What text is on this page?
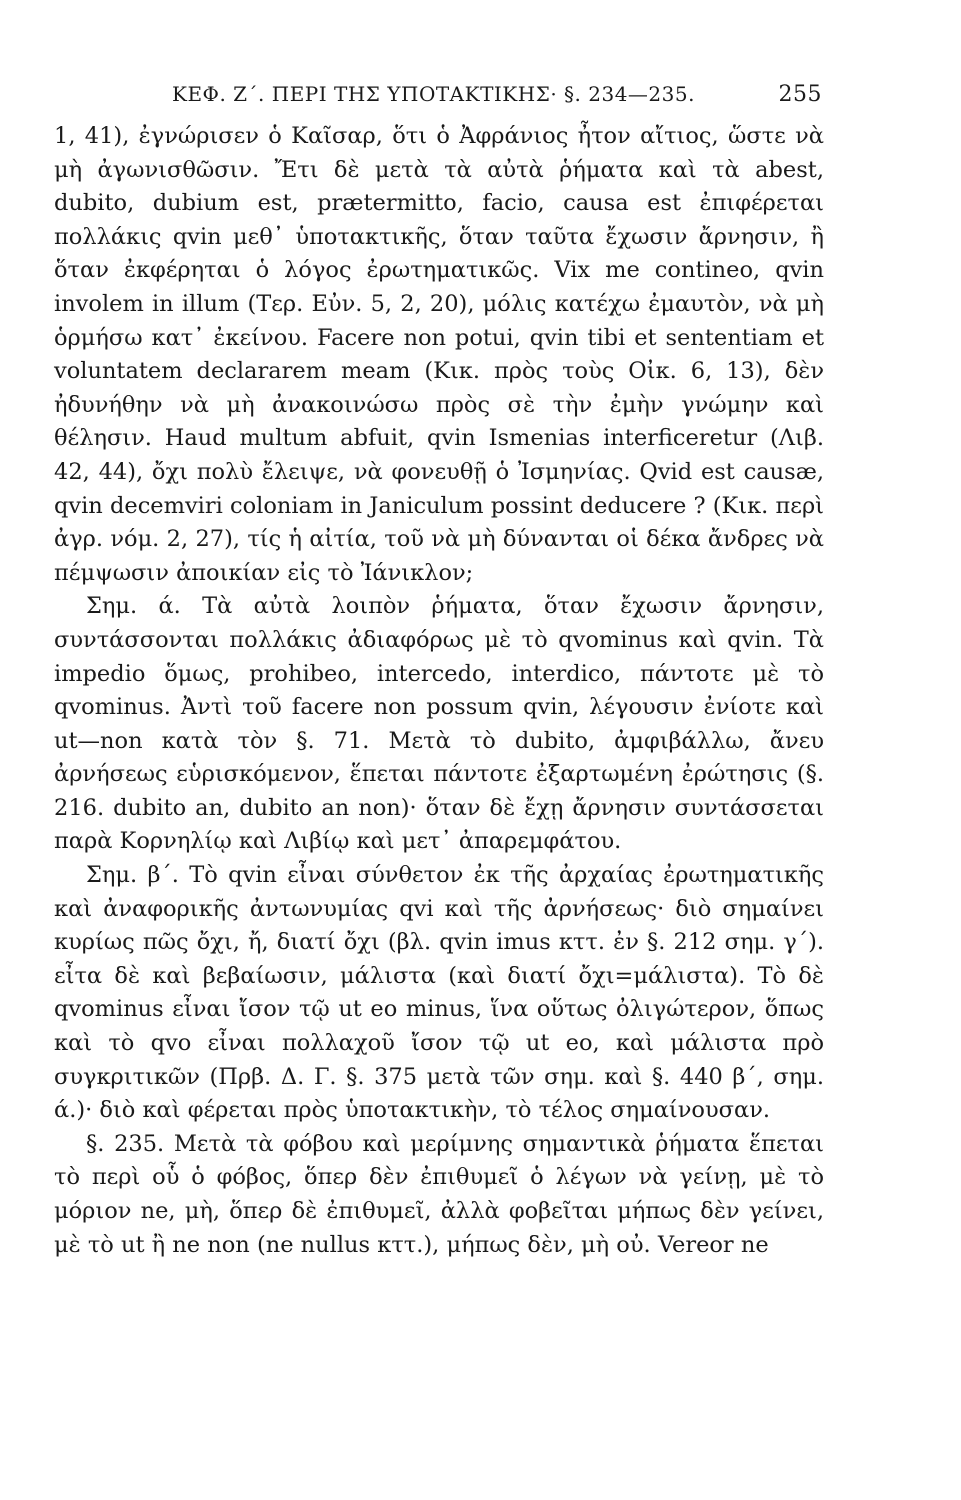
ΚΕΦ. Ζ΄. ΠΕΡΙ ΤΗΣ ΥΠΟΤΑΚΤΙΚΗΣ· §. 234—235.	255

1, 41), ἐγνώρισεν ὁ Καῖσαρ, ὅτι ὁ Ἀφράνιος ἦτον αἴτιος, ὥστε νὰ μὴ ἀγωνισθῶσιν. Ἔτι δὲ μετὰ τὰ αὐτὰ ῥήματα καὶ τὰ abest, dubito, dubium est, prætermitto, facio, causa est ἐπιφέρεται πολλάκις qvin μεθ᾽ ὑποτακτικῆς, ὅταν ταῦτα ἔχωσιν ἄρνησιν, ἢ ὅταν ἐκφέρηται ὁ λόγος ἐρωτηματικῶς. Vix me contineo, qvin involem in illum (Τερ. Εὐν. 5, 2, 20), μόλις κατέχω ἐμαυτὸν, νὰ μὴ ὁρμήσω κατ᾽ ἐκείνου. Facere non potui, qvin tibi et sententiam et voluntatem declararem meam (Κικ. πρὸς τοὺς Οἰκ. 6, 13), δὲν ἠδυνήθην νὰ μὴ ἀνακοινώσω πρὸς σὲ τὴν ἐμὴν γνώμην καὶ θέλησιν. Haud multum abfuit, qvin Ismenias interficeretur (Λιβ. 42, 44), ὄχι πολὺ ἔλειψε, νὰ φονευθῇ ὁ Ἰσμηνίας. Qvid est causæ, qvin decemviri coloniam in Janiculum possint deducere ? (Κικ. περὶ ἀγρ. νόμ. 2, 27), τίς ἡ αἰτία, τοῦ νὰ μὴ δύνανται οἱ δέκα ἄνδρες νὰ πέμψωσιν ἀποικίαν εἰς τὸ Ἰάνικλον;

Σημ. ά. Τὰ αὐτὰ λοιπὸν ῥήματα, ὅταν ἔχωσιν ἄρνησιν, συντάσσονται πολλάκις ἀδιαφόρως μὲ τὸ qvominus καὶ qvin. Τὰ impedio ὅμως, prohibeo, intercedo, interdico, πάντοτε μὲ τὸ qvominus. Ἀντὶ τοῦ facere non possum qvin, λέγουσιν ἐνίοτε καὶ ut—non κατὰ τὸν §. 71. Μετὰ τὸ dubito, ἀμφιβάλλω, ἄνευ ἀρνήσεως εὑρισκόμενον, ἕπεται πάντοτε ἐξαρτωμένη ἐρώτησις (§. 216. dubito an, dubito an non)· ὅταν δὲ ἔχῃ ἄρνησιν συντάσσεται παρὰ Κορνηλίῳ καὶ Λιβίῳ καὶ μετ᾽ ἀπαρεμφάτου.

Σημ. β΄. Τὸ qvin εἶναι σύνθετον ἐκ τῆς ἀρχαίας ἐρωτηματικῆς καὶ ἀναφορικῆς ἀντωνυμίας qvi καὶ τῆς ἀρνήσεως· διὸ σημαίνει κυρίως πῶς ὄχι, ἤ, διατί ὄχι (βλ. qvin imus κττ. ἐν §. 212 σημ. γ΄). εἶτα δὲ καὶ βεβαίωσιν, μάλιστα (καὶ διατί ὄχι=μάλιστα). Τὸ δὲ qvominus εἶναι ἴσον τῷ ut eo minus, ἵνα οὕτως ὀλιγώτερον, ὅπως καὶ τὸ qvo εἶναι πολλαχοῦ ἴσον τῷ ut eo, καὶ μάλιστα πρὸ συγκριτικῶν (Πρβ. Δ. Γ. §. 375 μετὰ τῶν σημ. καὶ §. 440 β΄, σημ. ά.)· διὸ καὶ φέρεται πρὸς ὑποτακτικὴν, τὸ τέλος σημαίνουσαν.

§. 235. Μετὰ τὰ φόβου καὶ μερίμνης σημαντικὰ ῥήματα ἕπεται τὸ περὶ οὗ ὁ φόβος, ὅπερ δὲν ἐπιθυμεῖ ὁ λέγων νὰ γείνῃ, μὲ τὸ μόριον ne, μὴ, ὅπερ δὲ ἐπιθυμεῖ, ἀλλὰ φοβεῖται μήπως δὲν γείνει, μὲ τὸ ut ἢ ne non (ne nullus κττ.), μήπως δὲν, μὴ οὐ. Vereor ne
